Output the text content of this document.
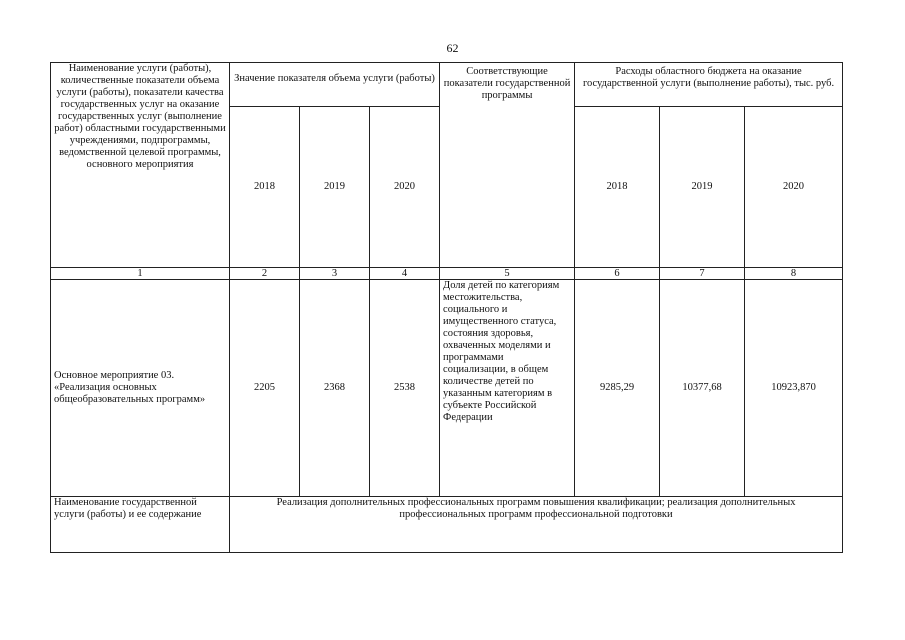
62
Наименование услуги (работы), количественные показатели объема услуги (работы), показатели качества государственных услуг на оказание государственных услуг (выполнение работ) областными государственными учреждениями, подпрограммы, ведомственной целевой программы, основного мероприятия	Значение показателя объема услуги (работы)			Соответствующие показатели государственной программы	Расходы областного бюджета на оказание государственной услуги (выполнение работы), тыс. руб.		
	2018	2019	2020		2018	2019	2020
1	2	3	4	5	6	7	8
Основное мероприятие 03. «Реализация основных общеобразовательных программ»	2205	2368	2538	Доля детей по категориям местожительства, социального и имущественного статуса, состояния здоровья, охваченных моделями и программами социализации, в общем количестве детей по указанным категориям в субъекте Российской Федерации	9285,29	10377,68	10923,870
Наименование государственной услуги (работы) и ее содержание	Реализация дополнительных профессиональных программ повышения квалификации; реализация дополнительных профессиональных программ профессиональной подготовки						
